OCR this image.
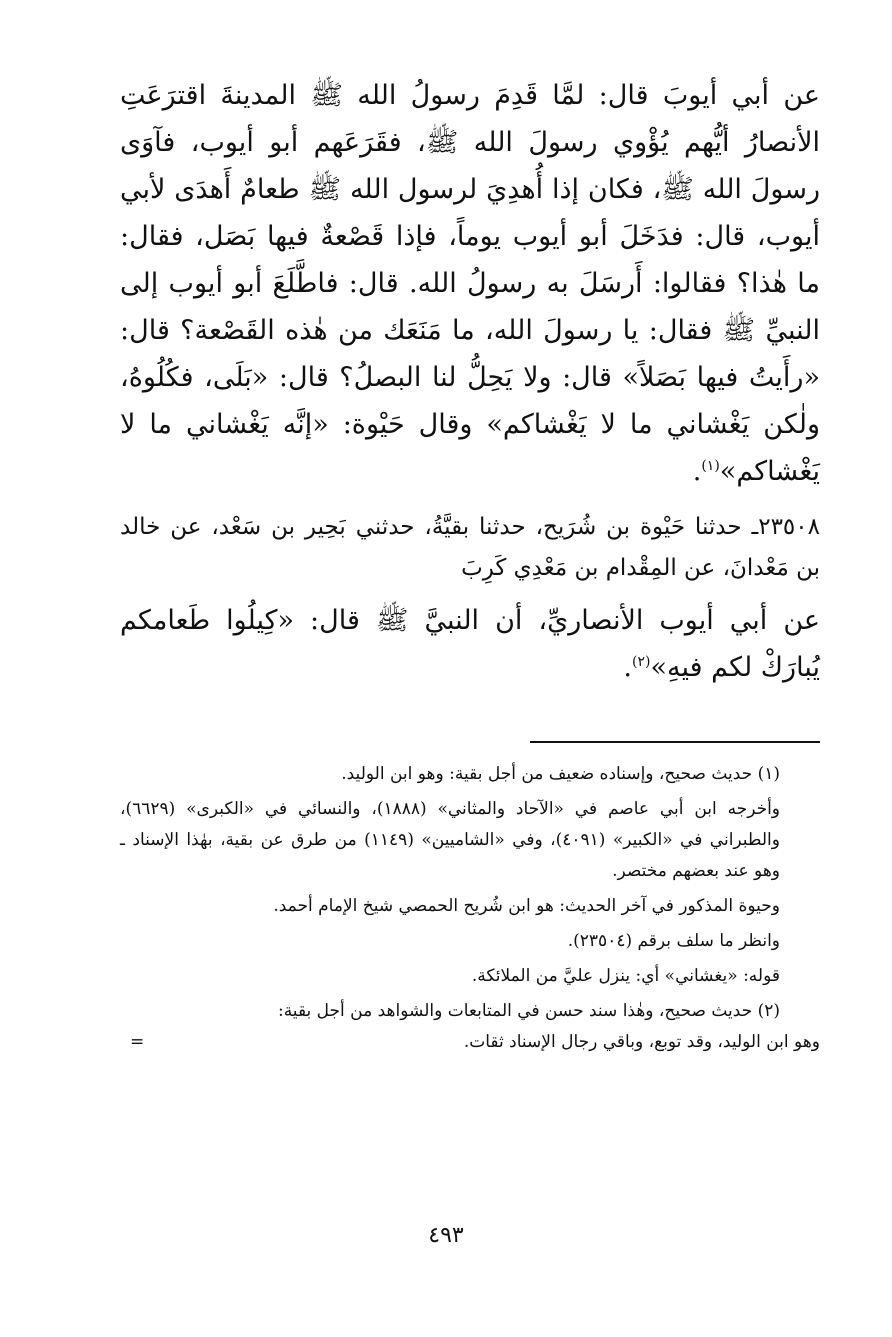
عن أبي أيوبَ قال: لمَّا قَدِمَ رسولُ الله ﷺ المدينةَ اقترَعَتِ الأنصارُ أيُّهم يُؤْوي رسولَ الله ﷺ، فقَرَعَهم أبو أيوب، فآوَى رسولَ الله ﷺ، فكان إذا أُهدِيَ لرسول الله ﷺ طعامٌ أَهدَى لأبي أيوب، قال: فدَخَلَ أبو أيوب يوماً، فإذا قَصْعةٌ فيها بَصَل، فقال: ما هٰذا؟ فقالوا: أَرسَلَ به رسولُ الله. قال: فاطَّلَعَ أبو أيوب إلى النبيِّ ﷺ فقال: يا رسولَ الله، ما مَنَعَك من هٰذه القَصْعة؟ قال: «رأَيتُ فيها بَصَلاً» قال: ولا يَحِلُّ لنا البصلُ؟ قال: «بَلَى، فكُلُوهُ، ولٰكن يَغْشاني ما لا يَغْشاكم» وقال حَيْوة: «إنَّه يَغْشاني ما لا يَغْشاكم»$^{(١)}$.

٢٣٥٠٨ـ حدثنا حَيْوة بن شُرَيح، حدثنا بقيَّةُ، حدثني بَحِير بن سَعْد، عن خالد بن مَعْدانَ، عن المِقْدام بن مَعْدِي كَرِبَ

عن أبي أيوب الأنصاريِّ، أن النبيَّ ﷺ قال: «كِيلُوا طَعامكم يُبارَكْ لكم فيهِ»$^{(٢)}$.

(١) حديث صحيح، وإسناده ضعيف من أجل بقية: وهو ابن الوليد.

وأخرجه ابن أبي عاصم في «الآحاد والمثاني» (١٨٨٨)، والنسائي في «الكبرى» (٦٦٢٩)، والطبراني في «الكبير» (٤٠٩١)، وفي «الشاميين» (١١٤٩) من طرق عن بقية، بهٰذا الإسناد ـ وهو عند بعضهم مختصر.

وحيوة المذكور في آخر الحديث: هو ابن شُريح الحمصي شيخ الإمام أحمد.

وانظر ما سلف برقم (٢٣٥٠٤).

قوله: «يغشاني» أي: ينزل عليَّ من الملائكة.

(٢) حديث صحيح، وهٰذا سند حسن في المتابعات والشواهد من أجل بقية:

وهو ابن الوليد، وقد توبع، وباقي رجال الإسناد ثقات.
=

٤٩٣
